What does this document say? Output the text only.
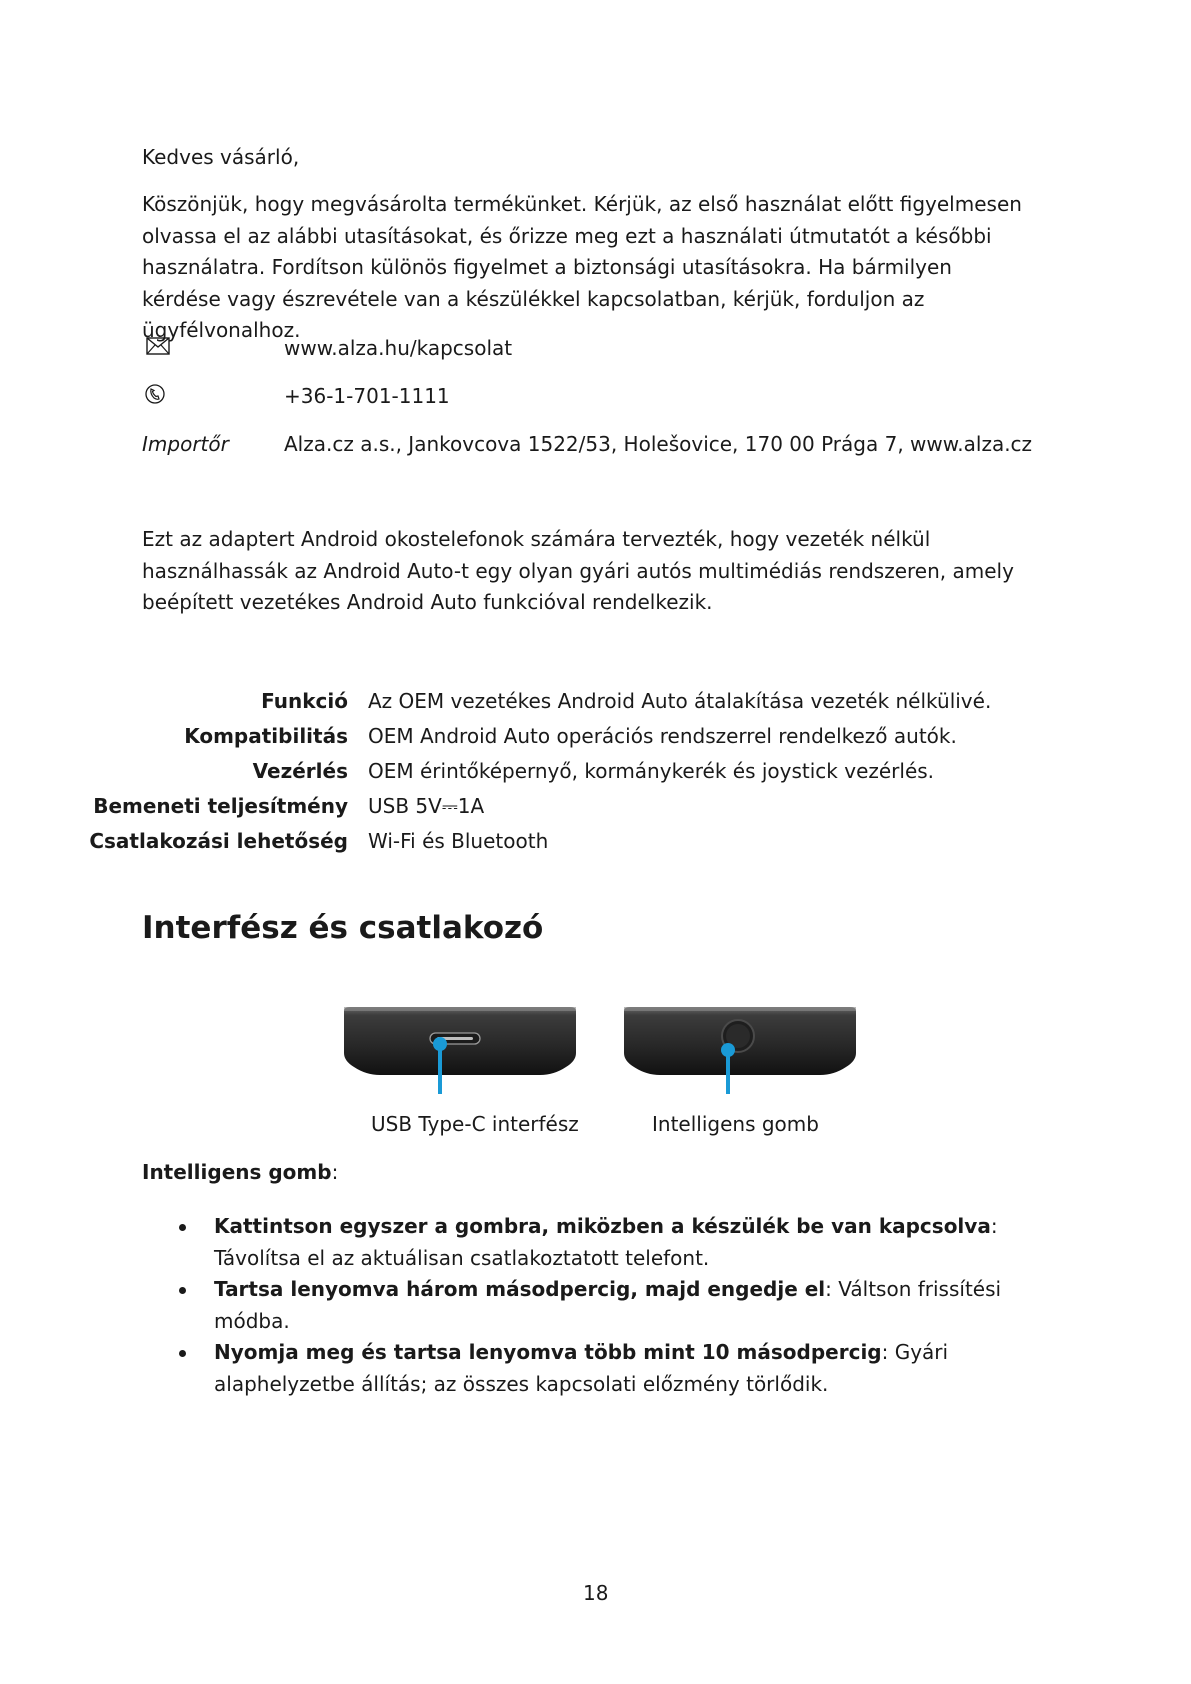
Kedves vásárló,
Köszönjük, hogy megvásárolta termékünket. Kérjük, az első használat előtt figyelmesen olvassa el az alábbi utasításokat, és őrizze meg ezt a használati útmutatót a későbbi használatra. Fordítson különös figyelmet a biztonsági utasításokra. Ha bármilyen kérdése vagy észrevétele van a készülékkel kapcsolatban, kérjük, forduljon az ügyfélvonalhoz.
www.alza.hu/kapcsolat
+36-1-701-1111
Importőr	Alza.cz a.s., Jankovcova 1522/53, Holešovice, 170 00 Prága 7, www.alza.cz
Ezt az adaptert Android okostelefonok számára tervezték, hogy vezeték nélkül használhassák az Android Auto-t egy olyan gyári autós multimédiás rendszeren, amely beépített vezetékes Android Auto funkcióval rendelkezik.
Funkció Az OEM vezetékes Android Auto átalakítása vezeték nélkülivé.
Kompatibilitás OEM Android Auto operációs rendszerrel rendelkező autók.
Vezérlés OEM érintőképernyő, kormánykerék és joystick vezérlés.
Bemeneti teljesítmény USB 5V⎓1A
Csatlakozási lehetőség Wi-Fi és Bluetooth
Interfész és csatlakozó
USB Type-C interfész	Intelligens gomb
Intelligens gomb:
Kattintson egyszer a gombra, miközben a készülék be van kapcsolva: Távolítsa el az aktuálisan csatlakoztatott telefont.
Tartsa lenyomva három másodpercig, majd engedje el: Váltson frissítési módba.
Nyomja meg és tartsa lenyomva több mint 10 másodpercig: Gyári alaphelyzetbe állítás; az összes kapcsolati előzmény törlődik.
18
